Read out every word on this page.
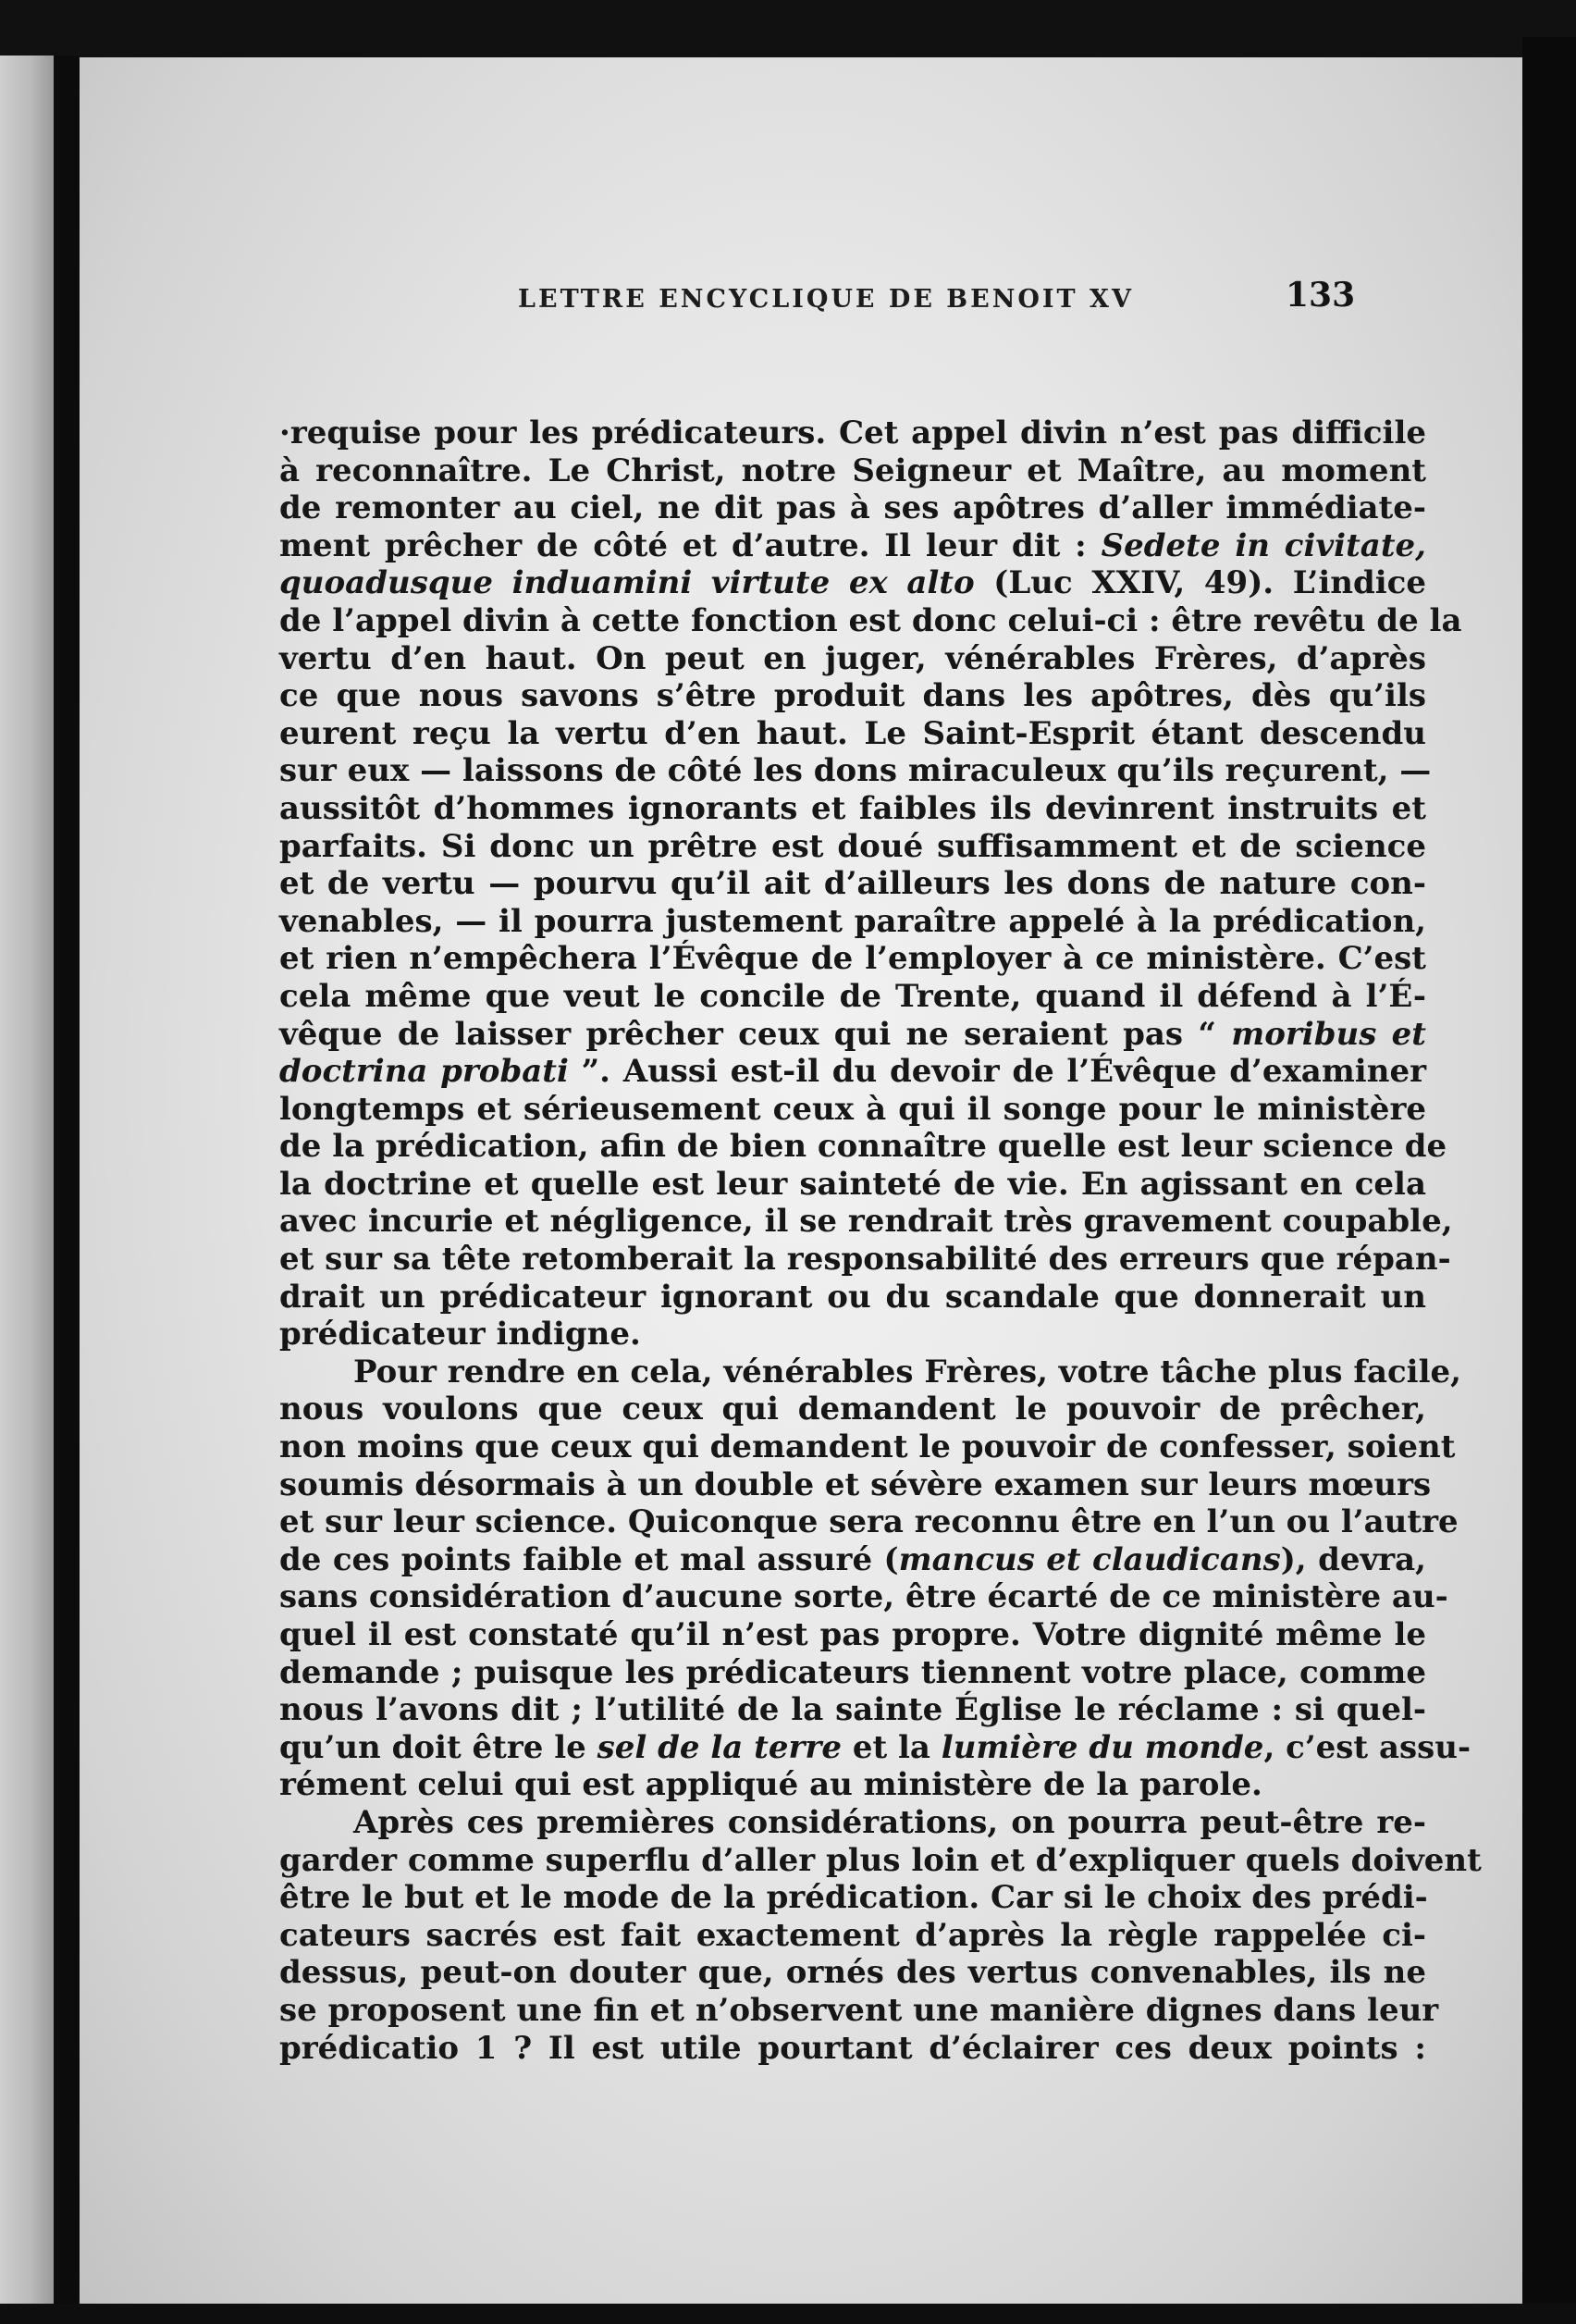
LETTRE ENCYCLIQUE DE BENOIT XV	133
·requise pour les prédicateurs. Cet appel divin n’est pas difficile
à reconnaître. Le Christ, notre Seigneur et Maître, au moment
de remonter au ciel, ne dit pas à ses apôtres d’aller immédiate-
ment prêcher de côté et d’autre. Il leur dit : Sedete in civitate,
quoadusque induamini virtute ex alto (Luc XXIV, 49). L’indice
de l’appel divin à cette fonction est donc celui-ci : être revêtu de la
vertu d’en haut. On peut en juger, vénérables Frères, d’après
ce que nous savons s’être produit dans les apôtres, dès qu’ils
eurent reçu la vertu d’en haut. Le Saint-Esprit étant descendu
sur eux — laissons de côté les dons miraculeux qu’ils reçurent, —
aussitôt d’hommes ignorants et faibles ils devinrent instruits et
parfaits. Si donc un prêtre est doué suffisamment et de science
et de vertu — pourvu qu’il ait d’ailleurs les dons de nature con-
venables, — il pourra justement paraître appelé à la prédication,
et rien n’empêchera l’Évêque de l’employer à ce ministère. C’est
cela même que veut le concile de Trente, quand il défend à l’É-
vêque de laisser prêcher ceux qui ne seraient pas “ moribus et
doctrina probati ”. Aussi est-il du devoir de l’Évêque d’examiner
longtemps et sérieusement ceux à qui il songe pour le ministère
de la prédication, afin de bien connaître quelle est leur science de
la doctrine et quelle est leur sainteté de vie. En agissant en cela
avec incurie et négligence, il se rendrait très gravement coupable,
et sur sa tête retomberait la responsabilité des erreurs que répan-
drait un prédicateur ignorant ou du scandale que donnerait un
prédicateur indigne.
Pour rendre en cela, vénérables Frères, votre tâche plus facile,
nous voulons que ceux qui demandent le pouvoir de prêcher,
non moins que ceux qui demandent le pouvoir de confesser, soient
soumis désormais à un double et sévère examen sur leurs mœurs
et sur leur science. Quiconque sera reconnu être en l’un ou l’autre
de ces points faible et mal assuré (mancus et claudicans), devra,
sans considération d’aucune sorte, être écarté de ce ministère au-
quel il est constaté qu’il n’est pas propre. Votre dignité même le
demande ; puisque les prédicateurs tiennent votre place, comme
nous l’avons dit ; l’utilité de la sainte Église le réclame : si quel-
qu’un doit être le sel de la terre et la lumière du monde, c’est assu-
rément celui qui est appliqué au ministère de la parole.
Après ces premières considérations, on pourra peut-être re-
garder comme superflu d’aller plus loin et d’expliquer quels doivent
être le but et le mode de la prédication. Car si le choix des prédi-
cateurs sacrés est fait exactement d’après la règle rappelée ci-
dessus, peut-on douter que, ornés des vertus convenables, ils ne
se proposent une fin et n’observent une manière dignes dans leur
prédicatio 1 ? Il est utile pourtant d’éclairer ces deux points :
